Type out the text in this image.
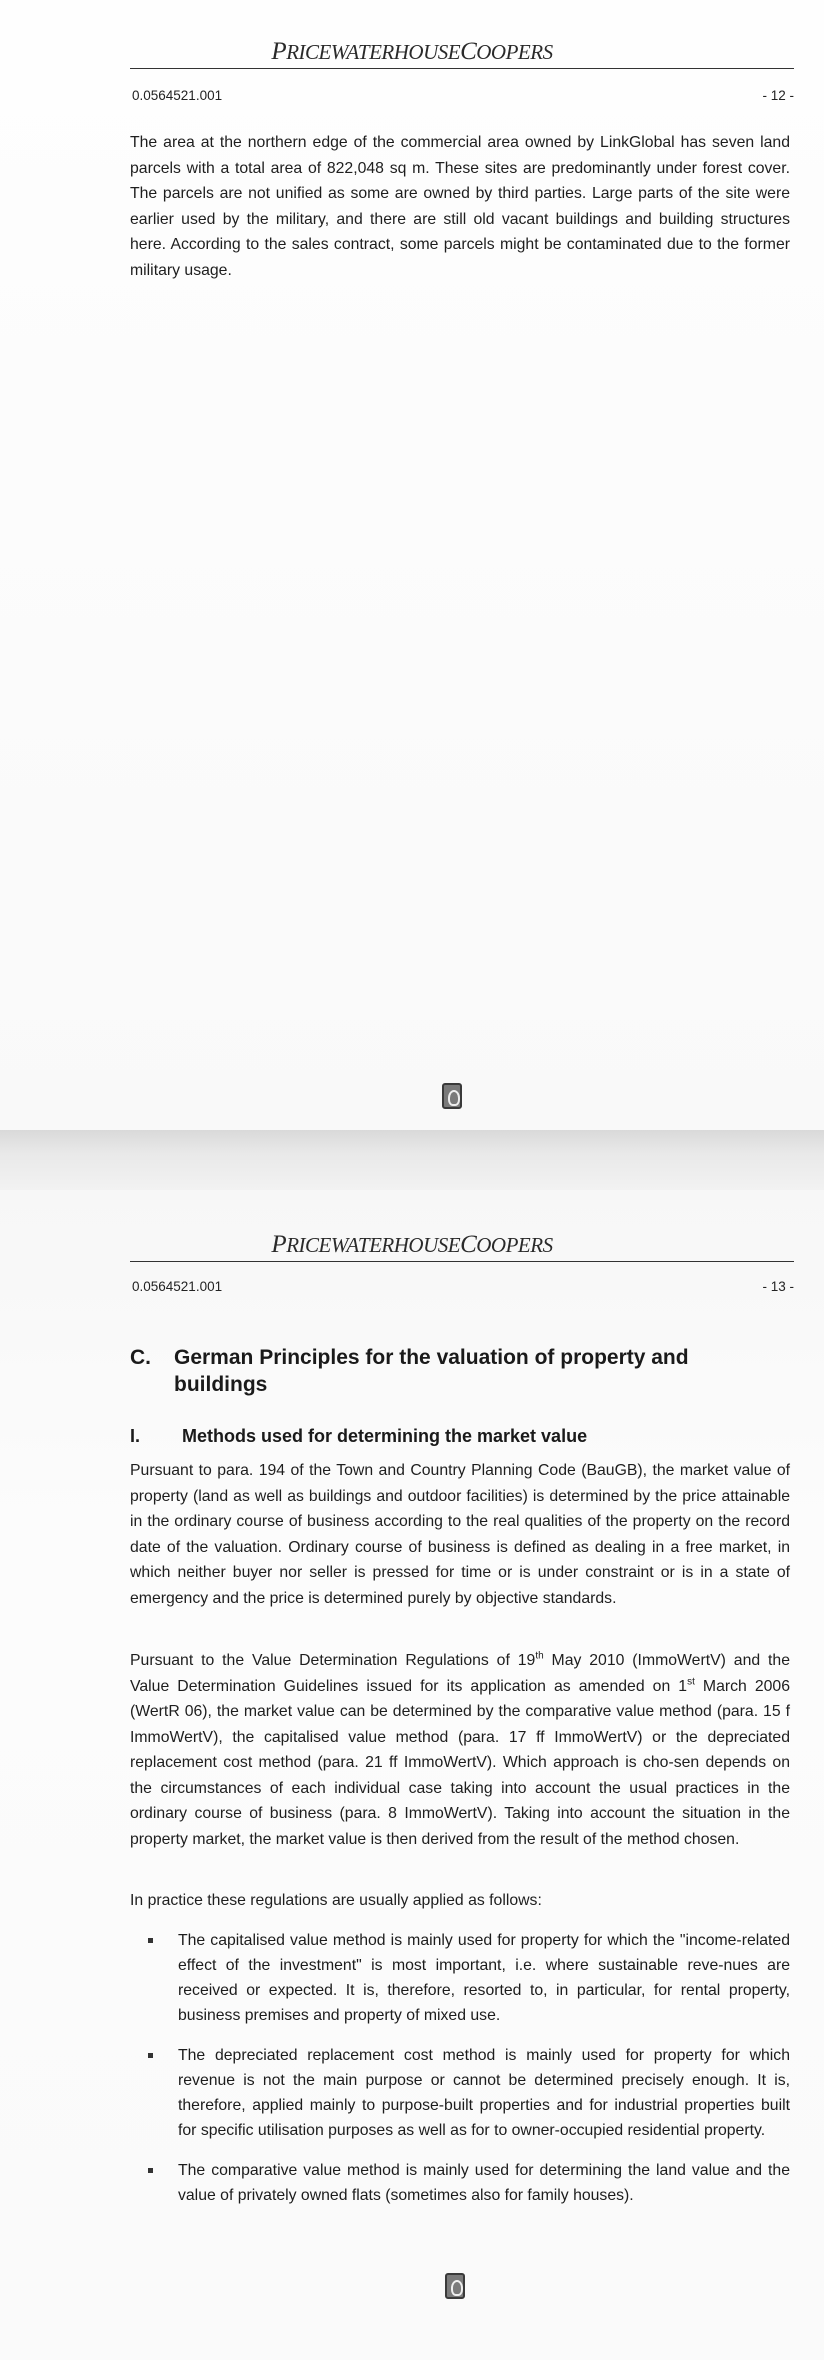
PRICEWATERHOUSECOOPERS
0.0564521.001	- 12 -

The area at the northern edge of the commercial area owned by LinkGlobal has seven land parcels with a total area of 822,048 sq m. These sites are predominantly under forest cover. The parcels are not unified as some are owned by third parties. Large parts of the site were earlier used by the military, and there are still old vacant buildings and building structures here. According to the sales contract, some parcels might be contaminated due to the former military usage.

PRICEWATERHOUSECOOPERS
0.0564521.001	- 13 -
C. German Principles for the valuation of property and
buildings
I. Methods used for determining the market value

Pursuant to para. 194 of the Town and Country Planning Code (BauGB), the market value of property (land as well as buildings and outdoor facilities) is determined by the price attainable in the ordinary course of business according to the real qualities of the property on the record date of the valuation. Ordinary course of business is defined as dealing in a free market, in which neither buyer nor seller is pressed for time or is under constraint or is in a state of emergency and the price is determined purely by objective standards.

Pursuant to the Value Determination Regulations of 19th May 2010 (ImmoWertV) and the Value Determination Guidelines issued for its application as amended on 1st March 2006 (WertR 06), the market value can be determined by the comparative value method (para. 15 f ImmoWertV), the capitalised value method (para. 17 ff ImmoWertV) or the depreciated replacement cost method (para. 21 ff ImmoWertV). Which approach is cho-sen depends on the circumstances of each individual case taking into account the usual practices in the ordinary course of business (para. 8 ImmoWertV). Taking into account the situation in the property market, the market value is then derived from the result of the method chosen.

In practice these regulations are usually applied as follows:

The capitalised value method is mainly used for property for which the "income-related effect of the investment" is most important, i.e. where sustainable reve-nues are received or expected. It is, therefore, resorted to, in particular, for rental property, business premises and property of mixed use.
The depreciated replacement cost method is mainly used for property for which revenue is not the main purpose or cannot be determined precisely enough. It is, therefore, applied mainly to purpose-built properties and for industrial properties built for specific utilisation purposes as well as for to owner-occupied residential property.
The comparative value method is mainly used for determining the land value and the value of privately owned flats (sometimes also for family houses).
